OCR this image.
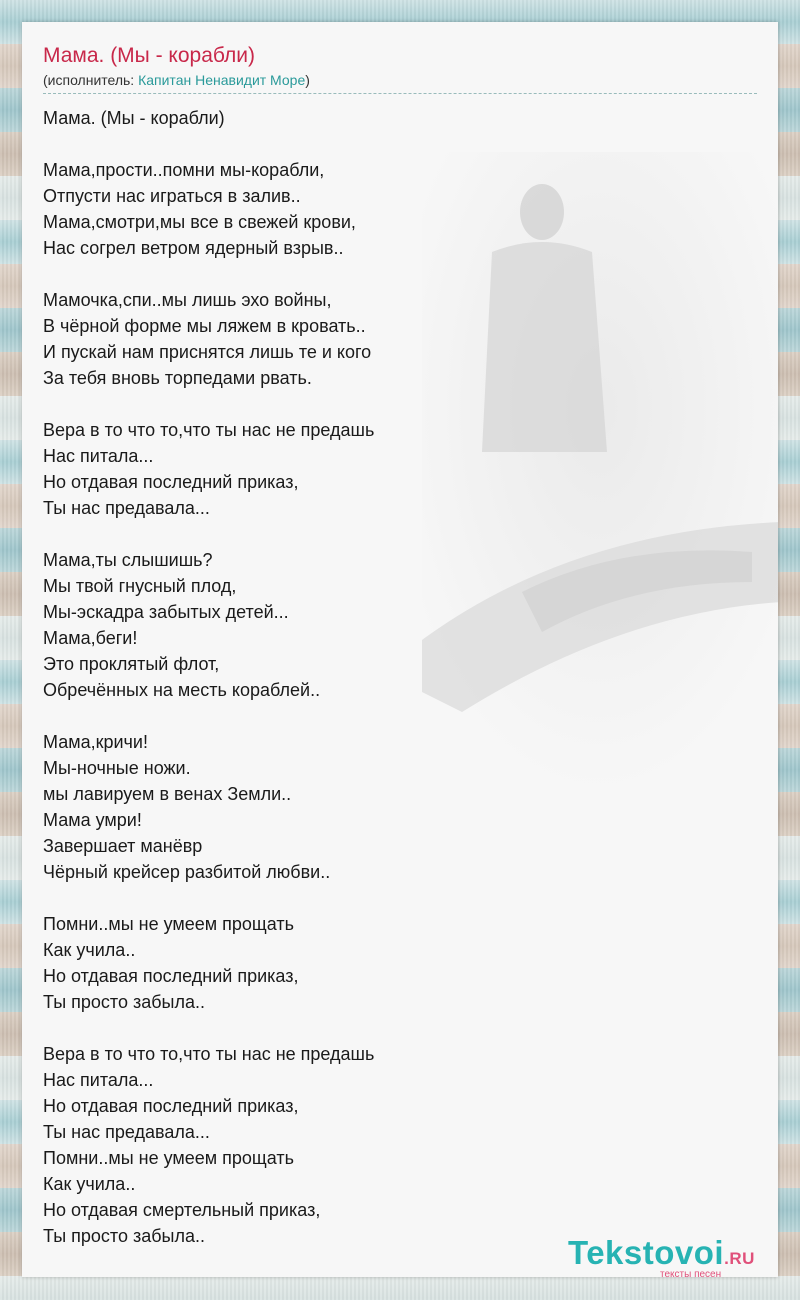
Мама. (Мы - корабли)
(исполнитель: Капитан Ненавидит Море)
Мама. (Мы - корабли)
Мама,прости..помни мы-корабли,
Отпусти нас играться в залив..
Мама,смотри,мы все в свежей крови,
Нас согрел ветром ядерный взрыв..
Мамочка,спи..мы лишь эхо войны,
В чёрной форме мы ляжем в кровать..
И пускай нам приснятся лишь те и кого
За тебя вновь торпедами рвать.
Вера в то что то,что ты нас не предашь
Нас питала...
Но отдавая последний приказ,
Ты нас предавала...
Мама,ты слышишь?
Мы твой гнусный плод,
Мы-эскадра забытых детей...
Мама,беги!
Это проклятый флот,
Обречённых на месть кораблей..
Мама,кричи!
Мы-ночные ножи.
мы лавируем в венах Земли..
Мама умри!
Завершает манёвр
Чёрный крейсер разбитой любви..
Помни..мы не умеем прощать
Как учила..
Но отдавая последний приказ,
Ты просто забыла..
Вера в то что то,что ты нас не предашь
Нас питала...
Но отдавая последний приказ,
Ты нас предавала...
Помни..мы не умеем прощать
Как учила..
Но отдавая смертельный приказ,
Ты просто забыла..	Tekstovoi.RU
тексты песен
